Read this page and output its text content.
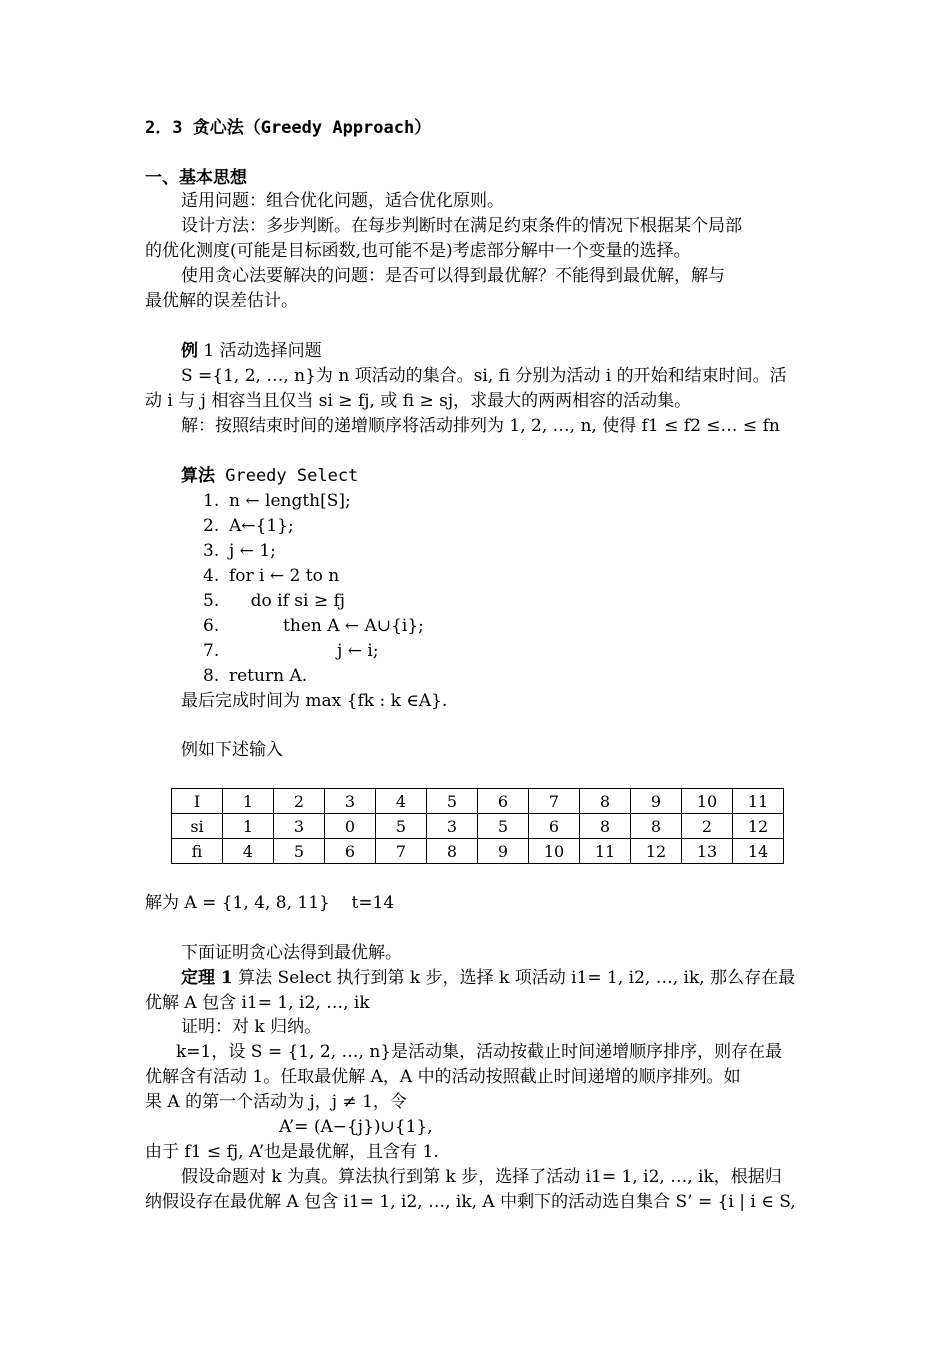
2．3 贪心法（Greedy Approach）
一、基本思想
适用问题：组合优化问题，适合优化原则。
设计方法：多步判断。在每步判断时在满足约束条件的情况下根据某个局部
的优化测度(可能是目标函数,也可能不是)考虑部分解中一个变量的选择。
使用贪心法要解决的问题：是否可以得到最优解？不能得到最优解，解与
最优解的误差估计。
例 1 活动选择问题
S ={1, 2, …, n}为 n 项活动的集合。si, fi 分别为活动 i 的开始和结束时间。活
动 i 与 j 相容当且仅当 si ≥ fj, 或 fi ≥ sj，求最大的两两相容的活动集。
解：按照结束时间的递增顺序将活动排列为 1, 2, …, n, 使得 f1 ≤ f2 ≤… ≤ fn
算法 Greedy Select
1. n ← length[S];
2. A←{1};
3. j ← 1;
4. for i ← 2 to n
5.    do if si ≥ fj
6.          then A ← A∪{i};
7.                    j ← i;
8. return A.
最后完成时间为 max {fk : k ∈A}.
例如下述输入
I	1	2	3	4	5	6	7	8	9	10	11
si	1	3	0	5	3	5	6	8	8	2	12
fi	4	5	6	7	8	9	10	11	12	13	14
解为 A = {1, 4, 8, 11}    t=14
下面证明贪心法得到最优解。
定理 1 算法 Select 执行到第 k 步，选择 k 项活动 i1= 1, i2, …, ik, 那么存在最
优解 A 包含 i1= 1, i2, …, ik
证明：对 k 归纳。
k=1，设 S = {1, 2, …, n}是活动集，活动按截止时间递增顺序排序，则存在最
优解含有活动 1。任取最优解 A，A 中的活动按照截止时间递增的顺序排列。如
果 A 的第一个活动为 j，j ≠ 1，令
A’= (A−{j})∪{1},
由于 f1 ≤ fj, A’也是最优解，且含有 1.
假设命题对 k 为真。算法执行到第 k 步，选择了活动 i1= 1, i2, …, ik，根据归
纳假设存在最优解 A 包含 i1= 1, i2, …, ik, A 中剩下的活动选自集合 S’ = {i | i ∈ S,
